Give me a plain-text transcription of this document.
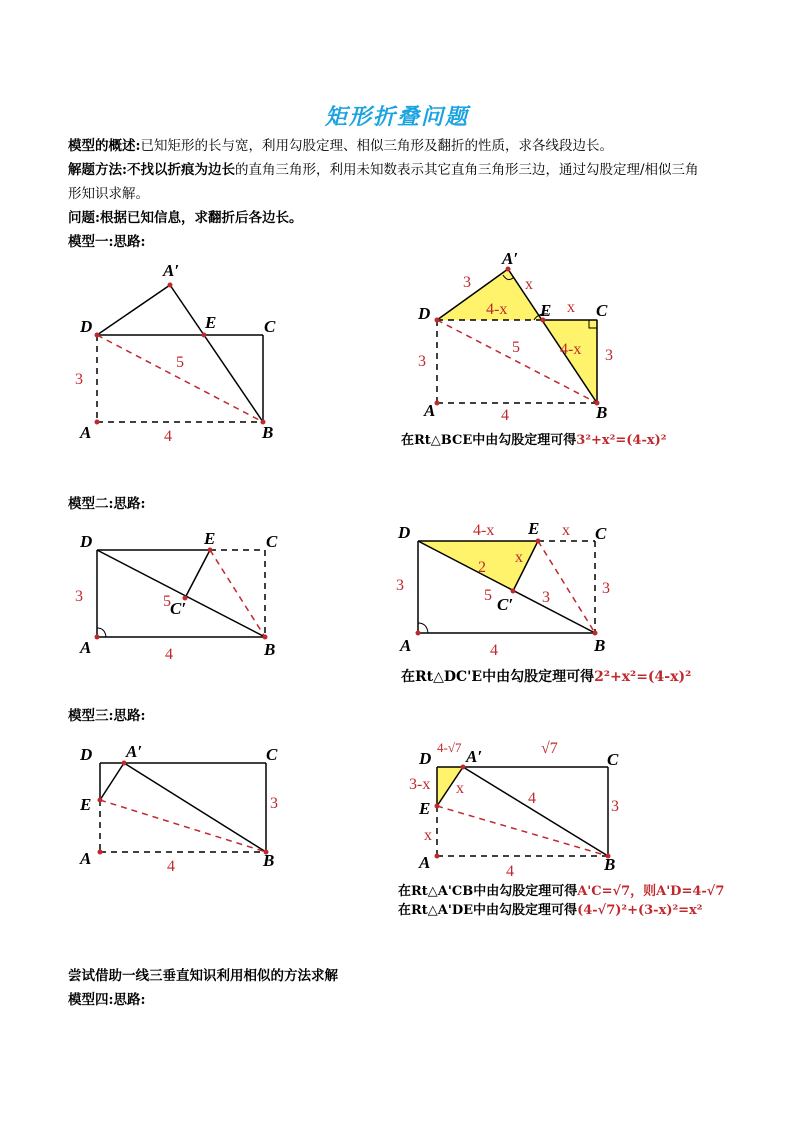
矩形折叠问题
模型的概述:已知矩形的长与宽，利用勾股定理、相似三角形及翻折的性质，求各线段边长。
解题方法:不找以折痕为边长的直角三角形，利用未知数表示其它直角三角形三边，通过勾股定理/相似三角
形知识求解。
问题:根据已知信息，求翻折后各边长。
模型一:思路:
A′
D	E	C
A	B
3
4
5
A′
D	E	C
A	B
3	x
4-x	x
4-x 3
3
5
4
在Rt△BCE中由勾股定理可得3²+x²=(4-x)²
模型二:思路:
D	E	C
C′
A	B
3	5
4
D	E	C
C′
A	B
4-x	x
2
x
3	3
3
5
4
在Rt△DC'E中由勾股定理可得2²+x²=(4-x)²
模型三:思路:
D A′	C
E
A	B
3
4
D A′	C
E
A	B
4-√7	√7
3-x x
x
4	3
4
在Rt△A'CB中由勾股定理可得A'C=√7，则A'D=4-√7
在Rt△A'DE中由勾股定理可得(4-√7)²+(3-x)²=x²
尝试借助一线三垂直知识利用相似的方法求解
模型四:思路:
